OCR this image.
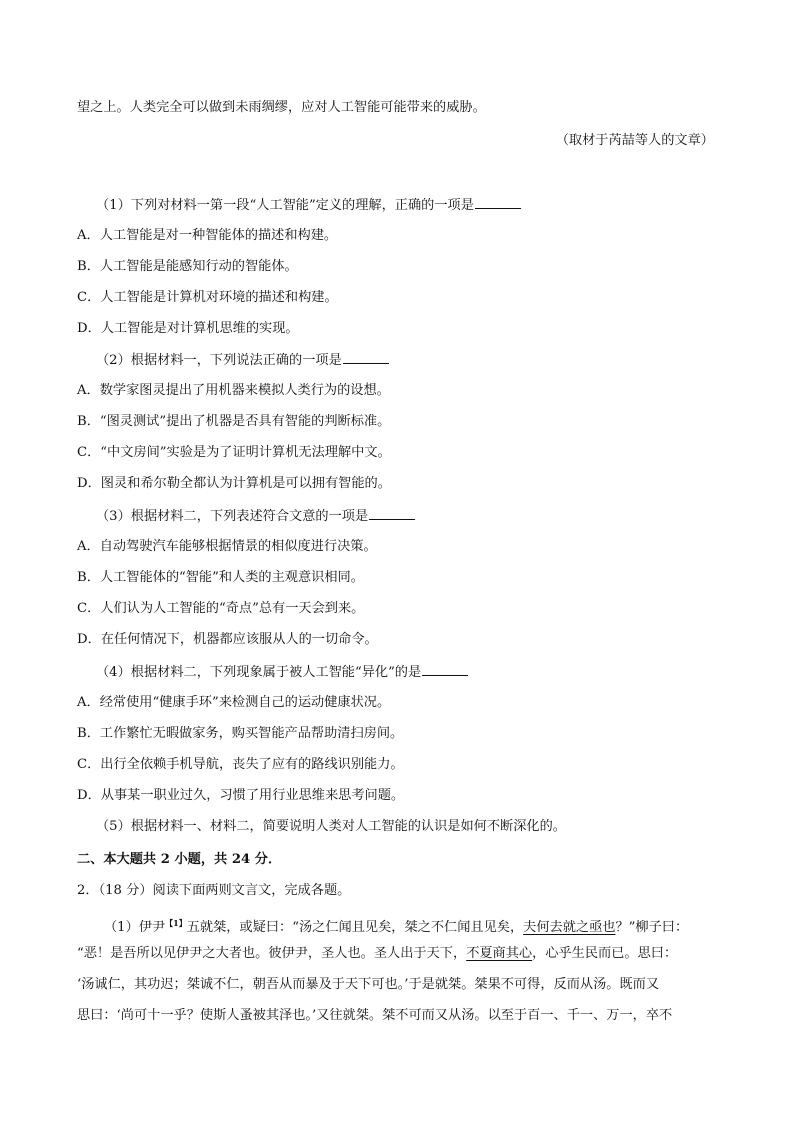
望之上。人类完全可以做到未雨绸缪，应对人工智能可能带来的威胁。
（取材于芮喆等人的文章）
（1）下列对材料一第一段“人工智能”定义的理解，正确的一项是
A．人工智能是对一种智能体的描述和构建。
B．人工智能是能感知行动的智能体。
C．人工智能是计算机对环境的描述和构建。
D．人工智能是对计算机思维的实现。
（2）根据材料一，下列说法正确的一项是
A．数学家图灵提出了用机器来模拟人类行为的设想。
B．“图灵测试”提出了机器是否具有智能的判断标准。
C．“中文房间”实验是为了证明计算机无法理解中文。
D．图灵和希尔勒全都认为计算机是可以拥有智能的。
（3）根据材料二，下列表述符合文意的一项是
A．自动驾驶汽车能够根据情景的相似度进行决策。
B．人工智能体的“智能”和人类的主观意识相同。
C．人们认为人工智能的“奇点”总有一天会到来。
D．在任何情况下，机器都应该服从人的一切命令。
（4）根据材料二，下列现象属于被人工智能“异化”的是
A．经常使用“健康手环”来检测自己的运动健康状况。
B．工作繁忙无暇做家务，购买智能产品帮助清扫房间。
C．出行全依赖手机导航，丧失了应有的路线识别能力。
D．从事某一职业过久，习惯了用行业思维来思考问题。
（5）根据材料一、材料二，简要说明人类对人工智能的认识是如何不断深化的。
二、本大题共 2 小题，共 24 分．
2．（18 分）阅读下面两则文言文，完成各题。
（1）伊尹$^{【1】}$五就桀，或疑曰：“汤之仁闻且见矣，桀之不仁闻且见矣，夫何去就之亟也？”柳子曰：
“恶！是吾所以见伊尹之大者也。彼伊尹，圣人也。圣人出于天下，不夏商其心，心乎生民而已。思曰：
‘汤诚仁，其功迟；桀诚不仁，朝吾从而暴及于天下可也。’于是就桀。桀果不可得，反而从汤。既而又
思曰：‘尚可十一乎？使斯人蚤被其泽也。’又往就桀。桀不可而又从汤。以至于百一、千一、万一，卒不
